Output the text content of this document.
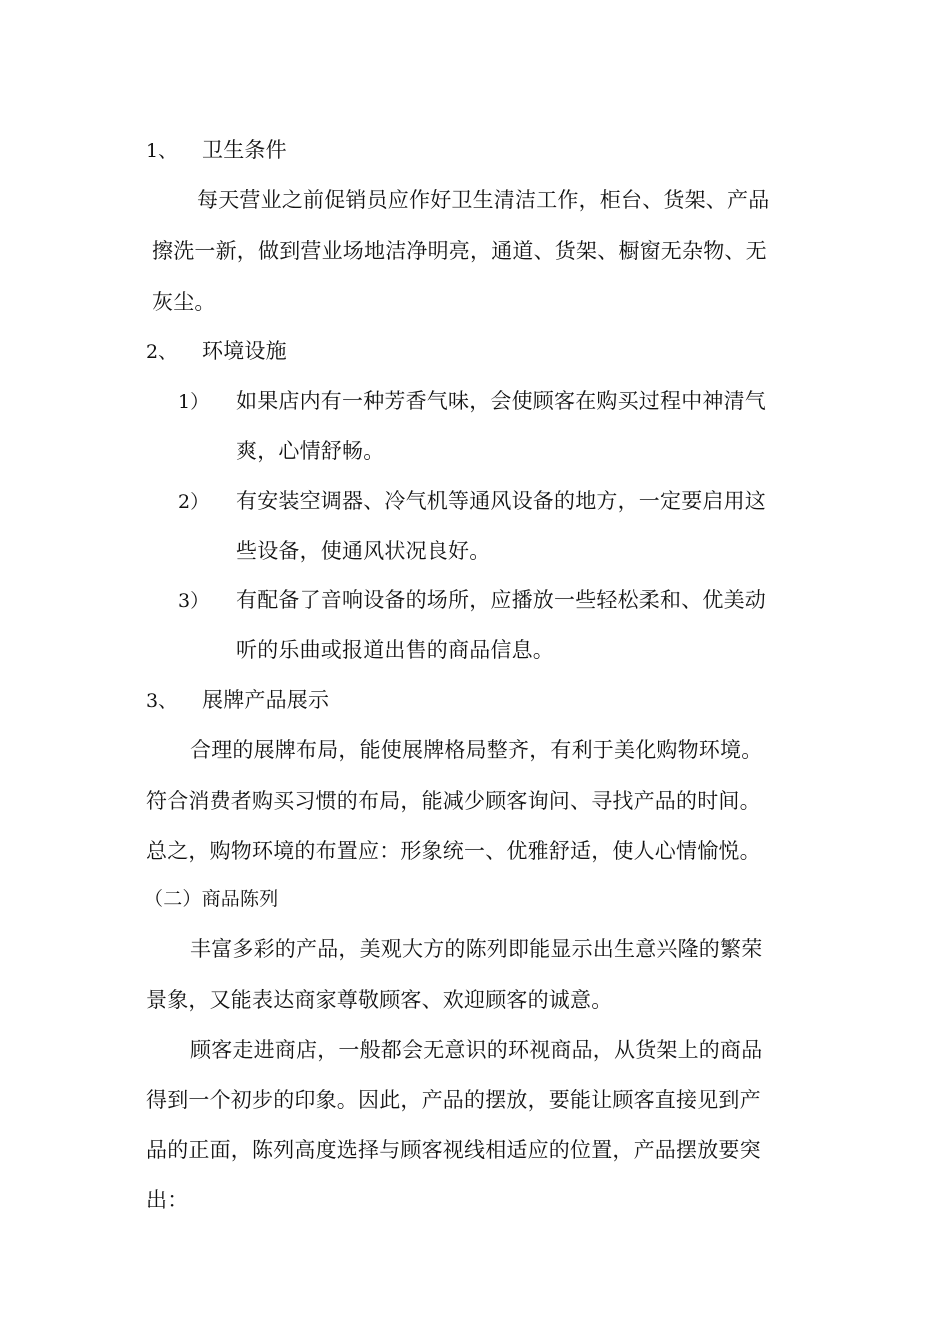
1、 卫生条件
每天营业之前促销员应作好卫生清洁工作，柜台、货架、产品
擦洗一新，做到营业场地洁净明亮，通道、货架、橱窗无杂物、无
灰尘。
2、 环境设施
1） 如果店内有一种芳香气味，会使顾客在购买过程中神清气
爽，心情舒畅。
2） 有安装空调器、冷气机等通风设备的地方，一定要启用这
些设备，使通风状况良好。
3） 有配备了音响设备的场所，应播放一些轻松柔和、优美动
听的乐曲或报道出售的商品信息。
3、 展牌产品展示
合理的展牌布局，能使展牌格局整齐，有利于美化购物环境。
符合消费者购买习惯的布局，能减少顾客询问、寻找产品的时间。
总之，购物环境的布置应：形象统一、优雅舒适，使人心情愉悦。
（二）商品陈列
丰富多彩的产品，美观大方的陈列即能显示出生意兴隆的繁荣
景象，又能表达商家尊敬顾客、欢迎顾客的诚意。
顾客走进商店，一般都会无意识的环视商品，从货架上的商品
得到一个初步的印象。因此，产品的摆放，要能让顾客直接见到产
品的正面，陈列高度选择与顾客视线相适应的位置，产品摆放要突
出：
